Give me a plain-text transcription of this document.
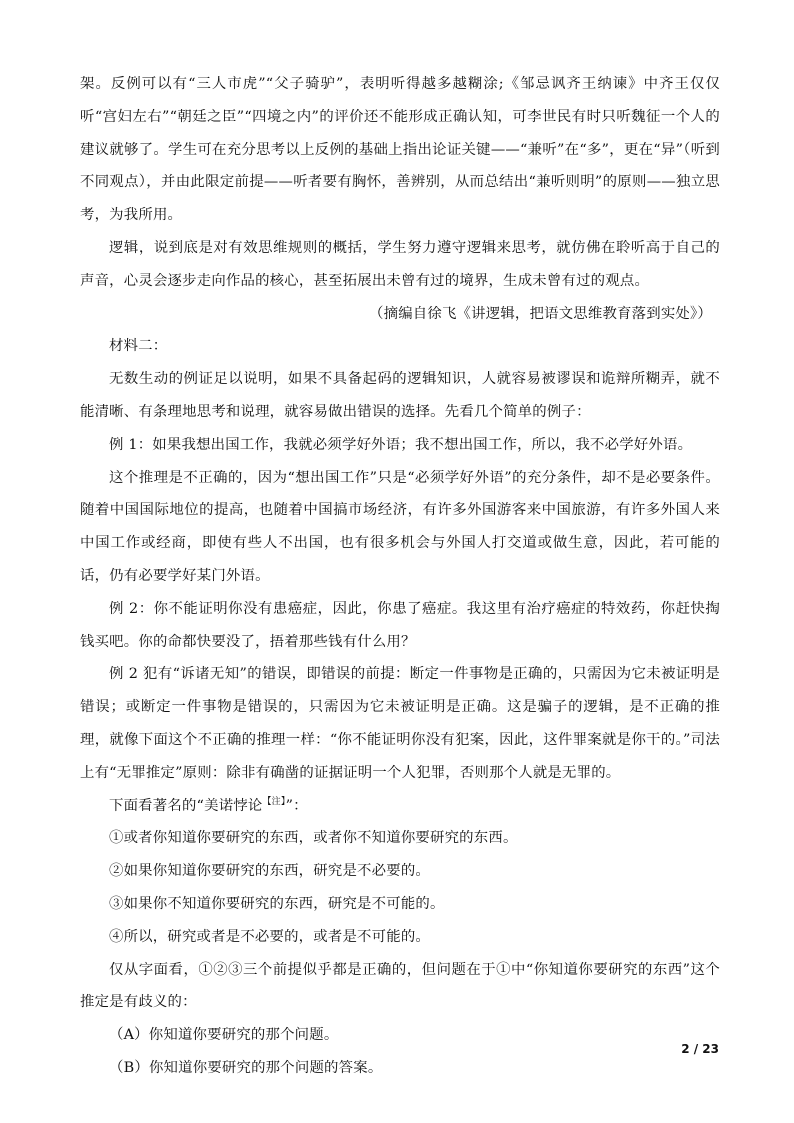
架。反例可以有“三人市虎”“父子骑驴”，表明听得越多越糊涂;《邹忌讽齐王纳谏》中齐王仅仅听“宫妇左右”“朝廷之臣”“四境之内”的评价还不能形成正确认知，可李世民有时只听魏征一个人的建议就够了。学生可在充分思考以上反例的基础上指出论证关键——“兼听”在“多”，更在“异”（听到不同观点），并由此限定前提——听者要有胸怀，善辨别，从而总结出“兼听则明”的原则——独立思考，为我所用。

逻辑，说到底是对有效思维规则的概括，学生努力遵守逻辑来思考，就仿佛在聆听高于自己的声音，心灵会逐步走向作品的核心，甚至拓展出未曾有过的境界，生成未曾有过的观点。

（摘编自徐飞《讲逻辑，把语文思维教育落到实处》）

材料二：

无数生动的例证足以说明，如果不具备起码的逻辑知识，人就容易被谬误和诡辩所糊弄，就不能清晰、有条理地思考和说理，就容易做出错误的选择。先看几个简单的例子：

例 1：如果我想出国工作，我就必须学好外语；我不想出国工作，所以，我不必学好外语。

这个推理是不正确的，因为“想出国工作”只是“必须学好外语”的充分条件，却不是必要条件。随着中国国际地位的提高，也随着中国搞市场经济，有许多外国游客来中国旅游，有许多外国人来中国工作或经商，即使有些人不出国，也有很多机会与外国人打交道或做生意，因此，若可能的话，仍有必要学好某门外语。

例 2：你不能证明你没有患癌症，因此，你患了癌症。我这里有治疗癌症的特效药，你赶快掏钱买吧。你的命都快要没了，捂着那些钱有什么用？

例 2 犯有“诉诸无知”的错误，即错误的前提：断定一件事物是正确的，只需因为它未被证明是错误；或断定一件事物是错误的，只需因为它未被证明是正确。这是骗子的逻辑，是不正确的推理，就像下面这个不正确的推理一样：“你不能证明你没有犯案，因此，这件罪案就是你干的。”司法上有“无罪推定”原则：除非有确凿的证据证明一个人犯罪，否则那个人就是无罪的。

下面看著名的“美诺悖论$^{【注】}$”：

①或者你知道你要研究的东西，或者你不知道你要研究的东西。

②如果你知道你要研究的东西，研究是不必要的。

③如果你不知道你要研究的东西，研究是不可能的。

④所以，研究或者是不必要的，或者是不可能的。

仅从字面看，①②③三个前提似乎都是正确的，但问题在于①中“你知道你要研究的东西”这个推定是有歧义的：

（A）你知道你要研究的那个问题。

（B）你知道你要研究的那个问题的答案。

2 / 23
